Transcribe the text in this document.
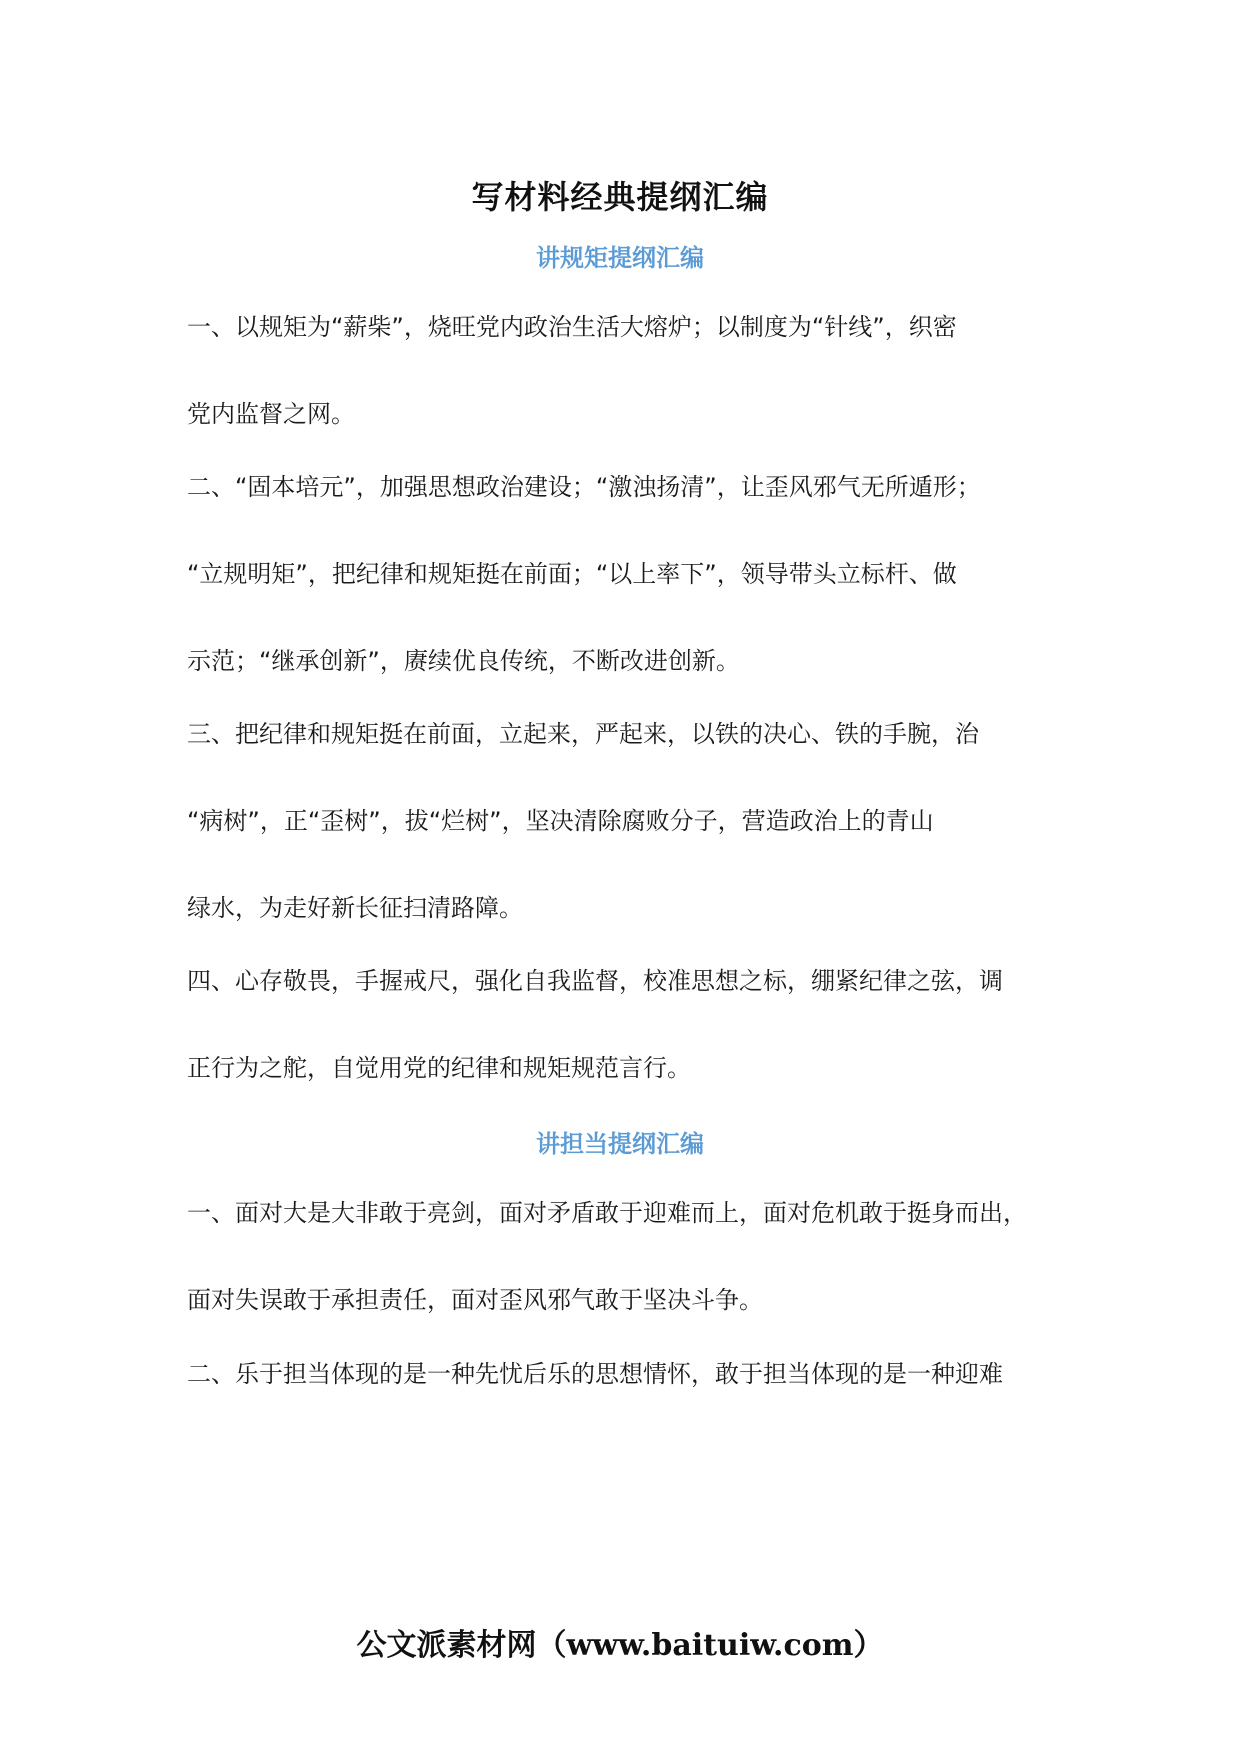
写材料经典提纲汇编
讲规矩提纲汇编
一、以规矩为“薪柴”，烧旺党内政治生活大熔炉；以制度为“针线”，织密
党内监督之网。
二、“固本培元”，加强思想政治建设；“激浊扬清”，让歪风邪气无所遁形；
“立规明矩”，把纪律和规矩挺在前面；“以上率下”，领导带头立标杆、做
示范；“继承创新”，赓续优良传统，不断改进创新。
三、把纪律和规矩挺在前面，立起来，严起来，以铁的决心、铁的手腕，治
“病树”，正“歪树”，拔“烂树”，坚决清除腐败分子，营造政治上的青山
绿水，为走好新长征扫清路障。
四、心存敬畏，手握戒尺，强化自我监督，校准思想之标，绷紧纪律之弦，调
正行为之舵，自觉用党的纪律和规矩规范言行。
讲担当提纲汇编
一、面对大是大非敢于亮剑，面对矛盾敢于迎难而上，面对危机敢于挺身而出，
面对失误敢于承担责任，面对歪风邪气敢于坚决斗争。
二、乐于担当体现的是一种先忧后乐的思想情怀，敢于担当体现的是一种迎难
公文派素材网（www.baituiw.com）
